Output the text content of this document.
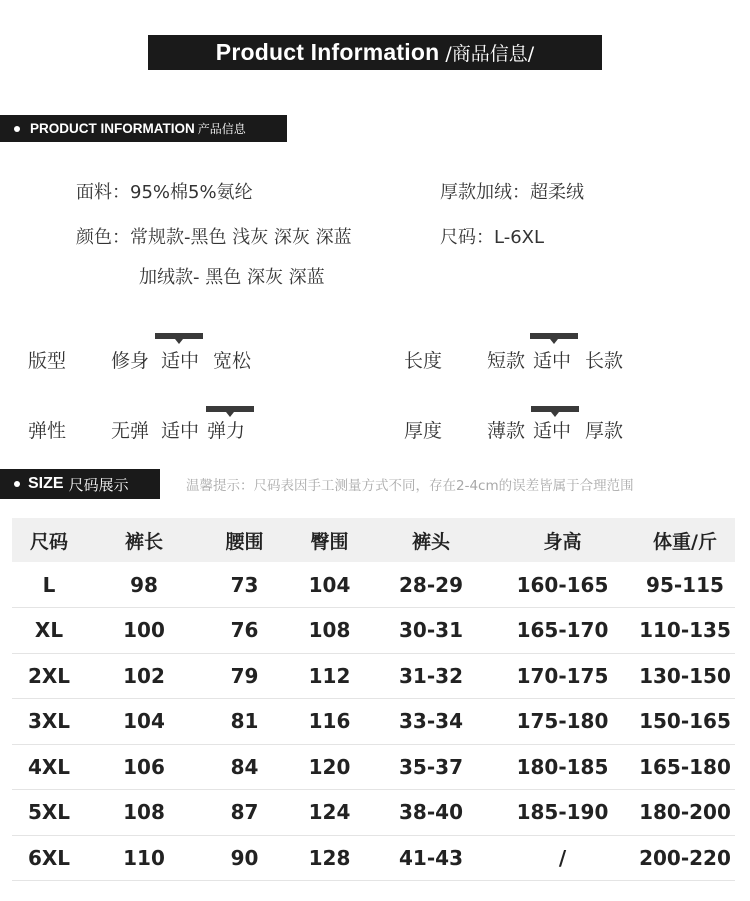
Product Information /商品信息/
PRODUCT INFORMATION 产品信息
面料：95%棉5%氨纶	厚款加绒：超柔绒
颜色：常规款-黑色 浅灰 深灰 深蓝	尺码：L-6XL
加绒款- 黑色 深灰 深蓝
版型 修身 适中 宽松	长度 短款 适中 长款
弹性 无弹 适中 弹力	厚度 薄款 适中 厚款
SIZE 尺码展示	温馨提示：尺码表因手工测量方式不同，存在2-4cm的误差皆属于合理范围
尺码	裤长	腰围	臀围	裤头	身高	体重/斤
L	98	73	104	28-29	160-165	95-115
XL	100	76	108	30-31	165-170	110-135
2XL	102	79	112	31-32	170-175	130-150
3XL	104	81	116	33-34	175-180	150-165
4XL	106	84	120	35-37	180-185	165-180
5XL	108	87	124	38-40	185-190	180-200
6XL	110	90	128	41-43	/	200-220
